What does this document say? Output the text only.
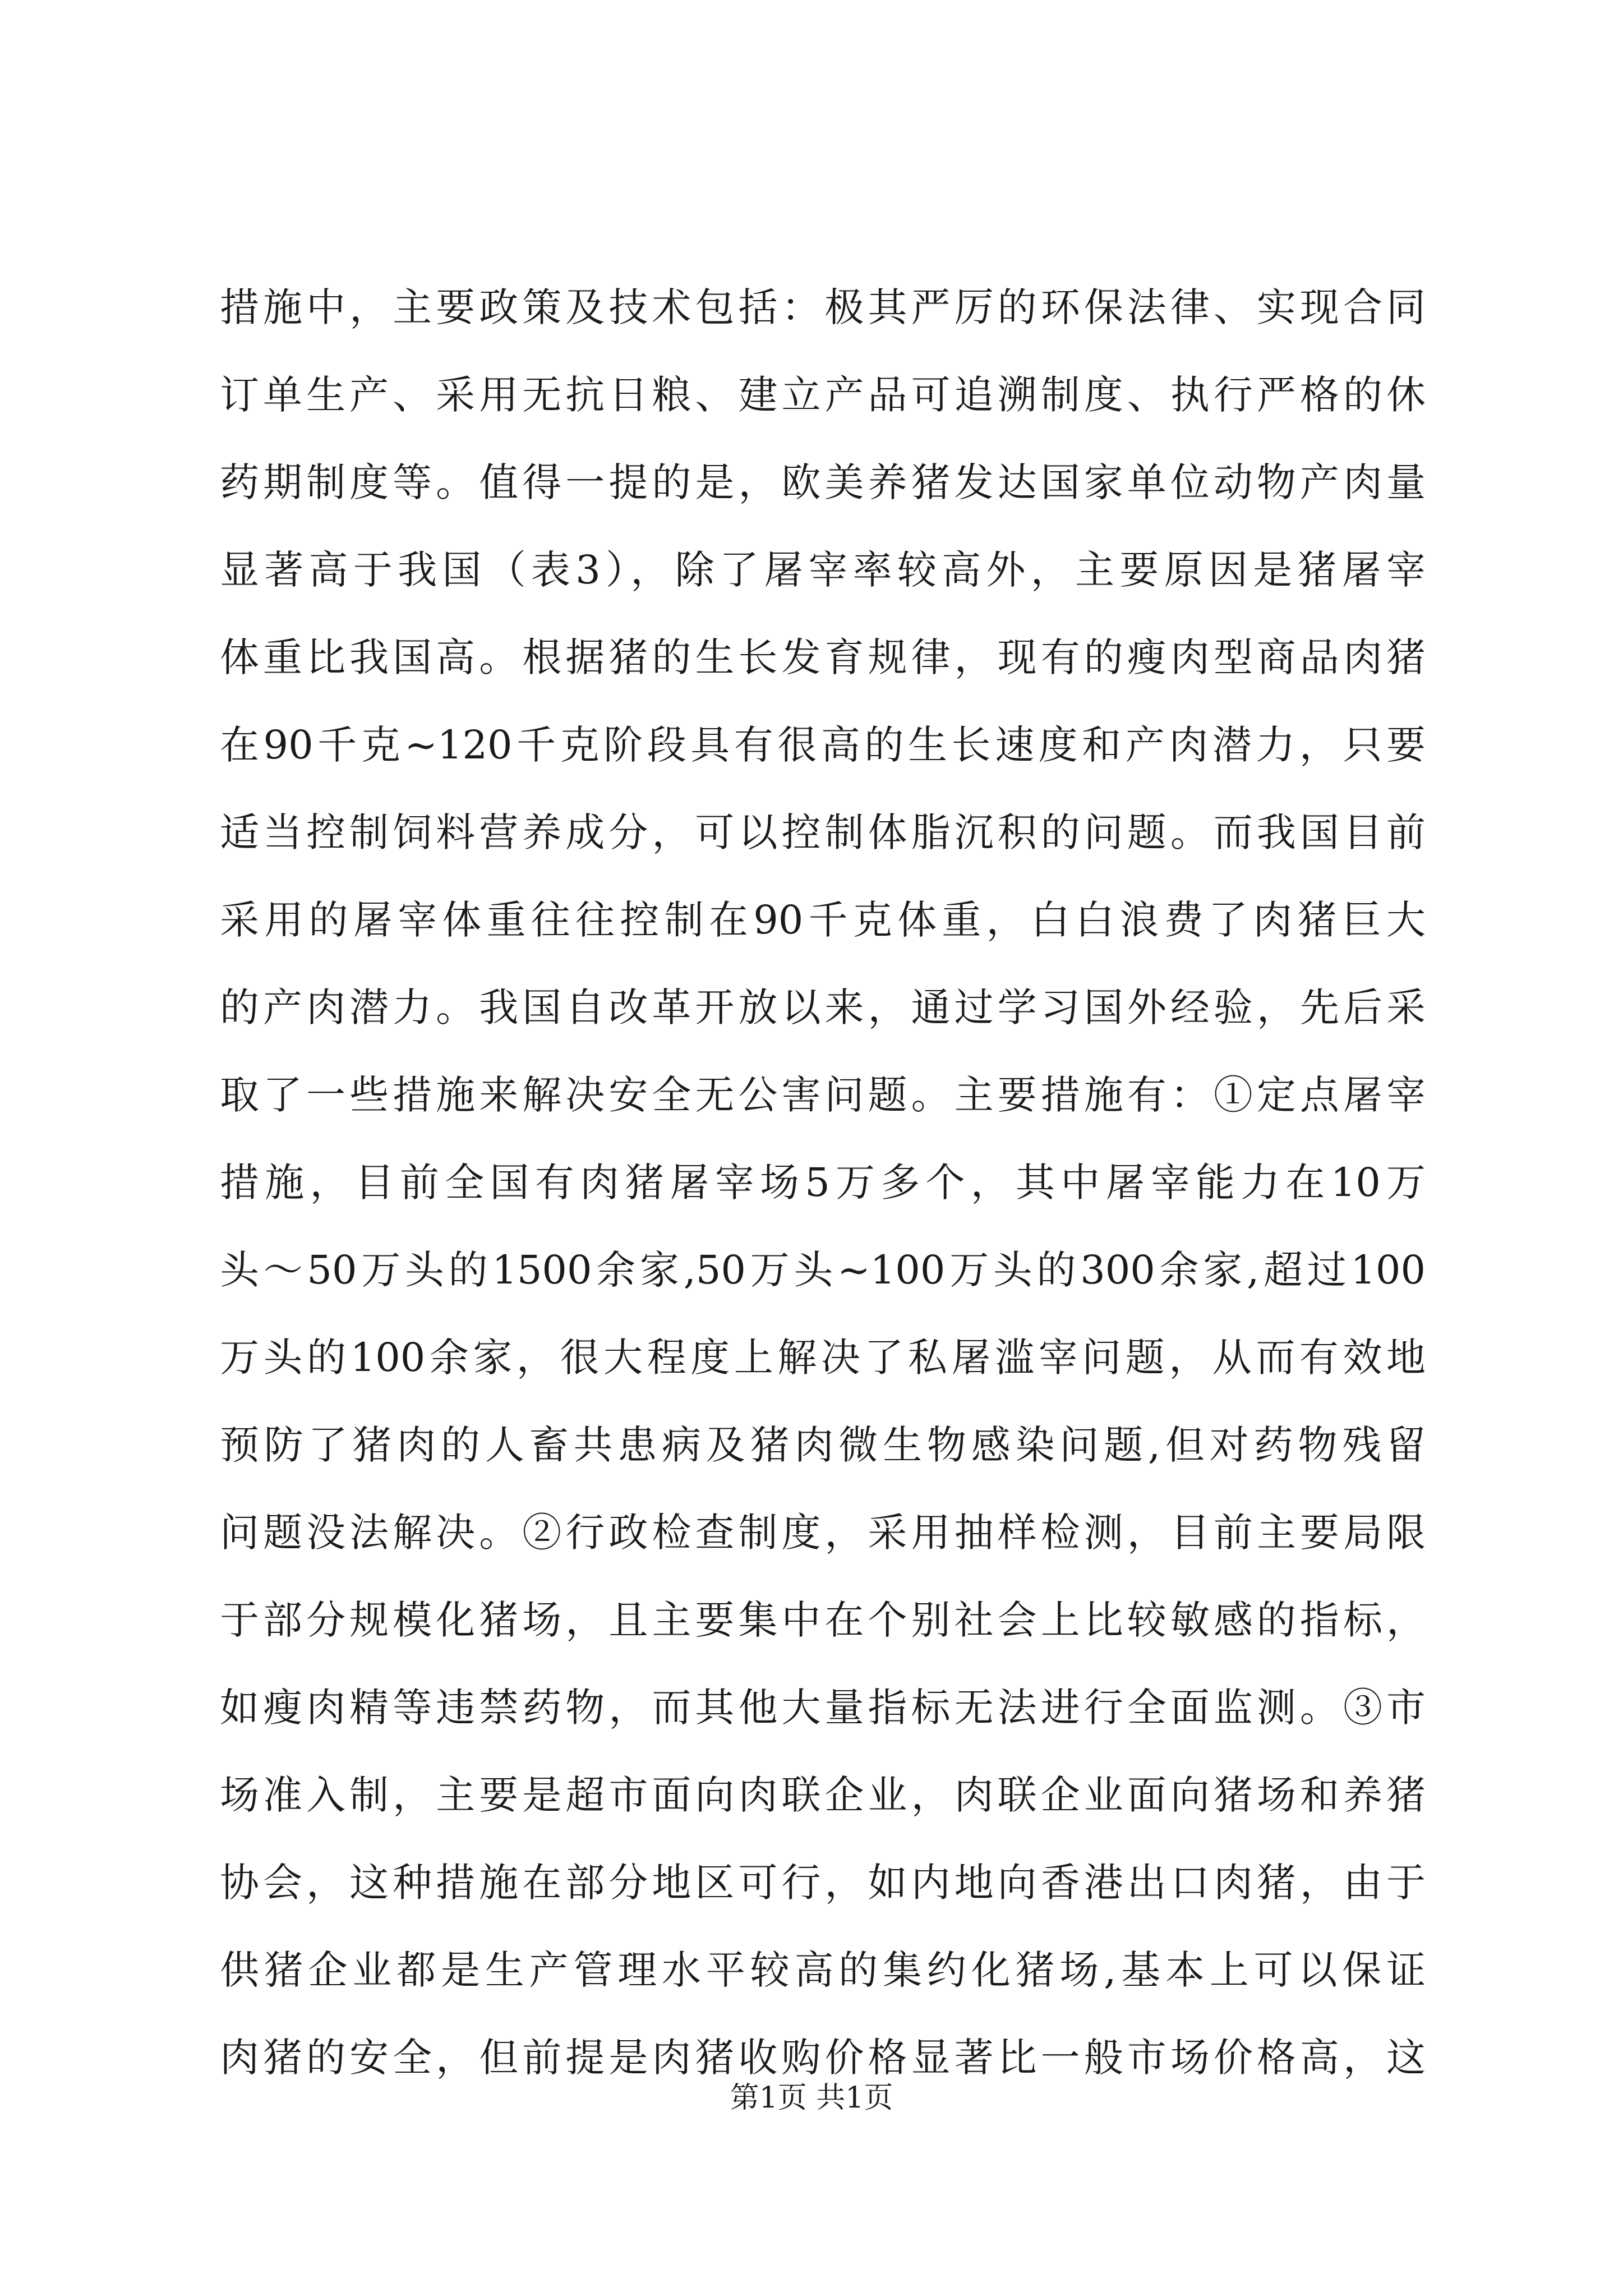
措施中，主要政策及技术包括：极其严厉的环保法律、实现合同
订单生产、采用无抗日粮、建立产品可追溯制度、执行严格的休
药期制度等。值得一提的是，欧美养猪发达国家单位动物产肉量
显著高于我国（表3），除了屠宰率较高外，主要原因是猪屠宰
体重比我国高。根据猪的生长发育规律，现有的瘦肉型商品肉猪
在90千克~120千克阶段具有很高的生长速度和产肉潜力，只要
适当控制饲料营养成分，可以控制体脂沉积的问题。而我国目前
采用的屠宰体重往往控制在90千克体重，白白浪费了肉猪巨大
的产肉潜力。我国自改革开放以来，通过学习国外经验，先后采
取了一些措施来解决安全无公害问题。主要措施有：①定点屠宰
措施，目前全国有肉猪屠宰场5万多个，其中屠宰能力在10万
头～50万头的1500余家,50万头~100万头的300余家,超过100
万头的100余家，很大程度上解决了私屠滥宰问题，从而有效地
预防了猪肉的人畜共患病及猪肉微生物感染问题,但对药物残留
问题没法解决。②行政检查制度，采用抽样检测，目前主要局限
于部分规模化猪场，且主要集中在个别社会上比较敏感的指标，
如瘦肉精等违禁药物，而其他大量指标无法进行全面监测。③市
场准入制，主要是超市面向肉联企业，肉联企业面向猪场和养猪
协会，这种措施在部分地区可行，如内地向香港出口肉猪，由于
供猪企业都是生产管理水平较高的集约化猪场,基本上可以保证
肉猪的安全，但前提是肉猪收购价格显著比一般市场价格高，这
第1页 共1页
